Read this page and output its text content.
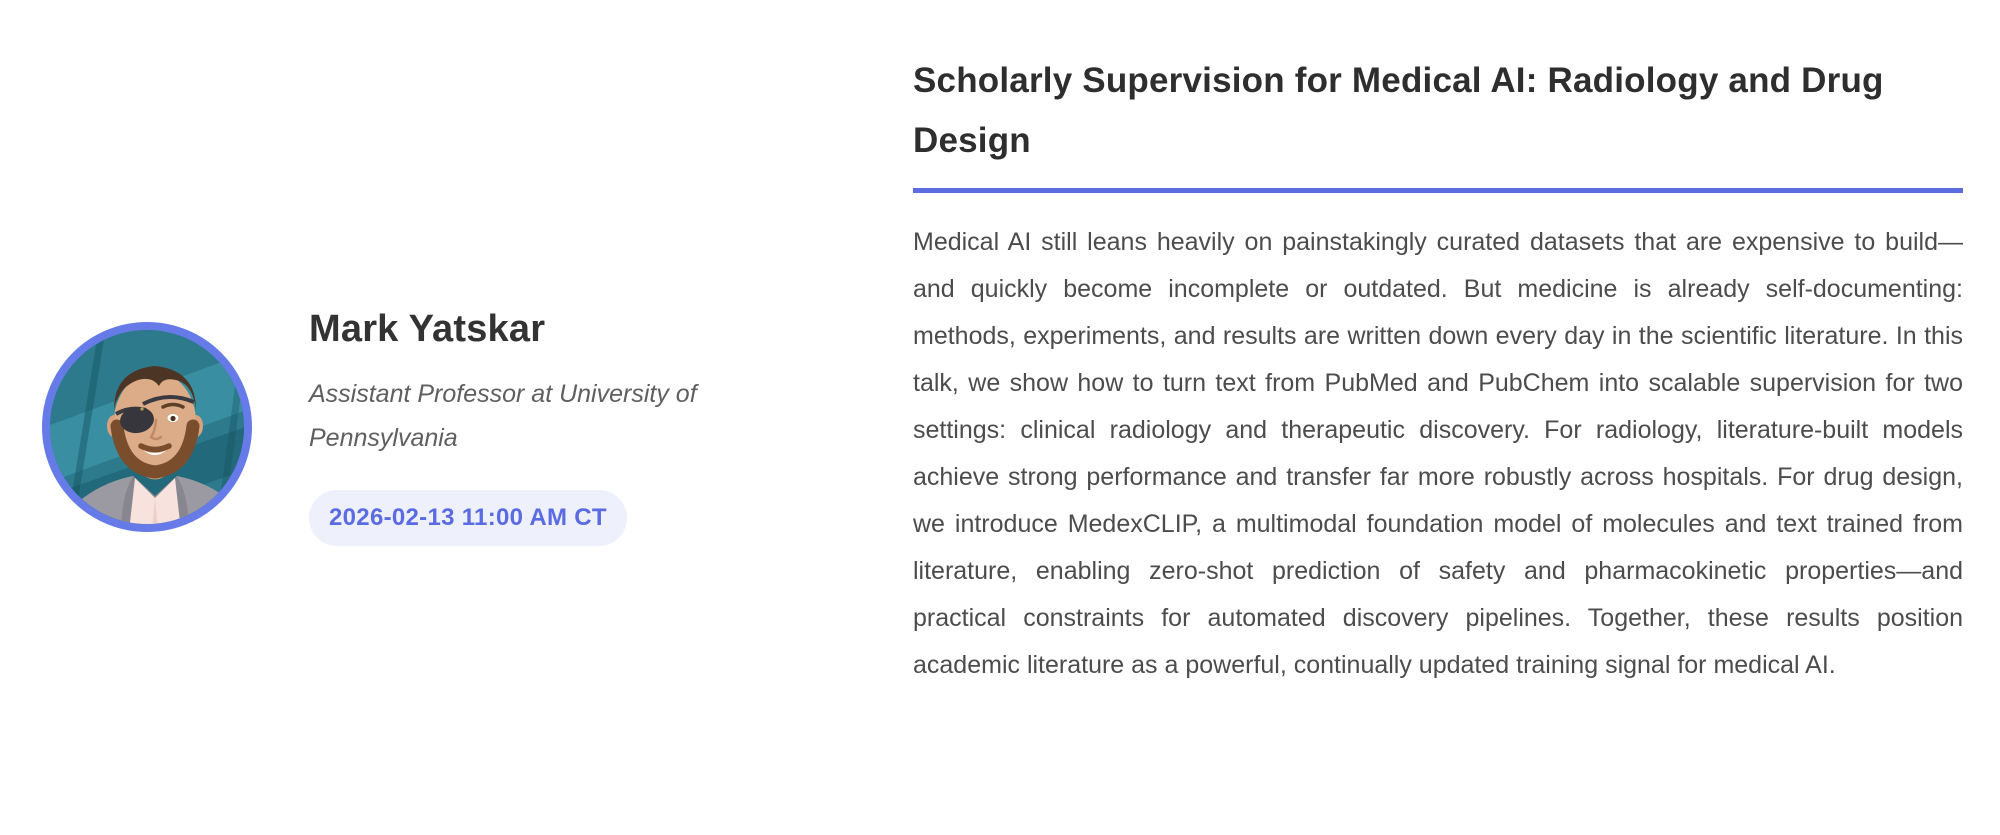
Mark Yatskar

Assistant Professor at University of Pennsylvania

2026-02-13 11:00 AM CT
Scholarly Supervision for Medical AI: Radiology and Drug Design

Medical AI still leans heavily on painstakingly curated datasets that are expensive to build—and quickly become incomplete or outdated. But medicine is already self-documenting: methods, experiments, and results are written down every day in the scientific literature. In this talk, we show how to turn text from PubMed and PubChem into scalable supervision for two settings: clinical radiology and therapeutic discovery. For radiology, literature-built models achieve strong performance and transfer far more robustly across hospitals. For drug design, we introduce MedexCLIP, a multimodal foundation model of molecules and text trained from literature, enabling zero-shot prediction of safety and pharmacokinetic properties—and practical constraints for automated discovery pipelines. Together, these results position academic literature as a powerful, continually updated training signal for medical AI.
